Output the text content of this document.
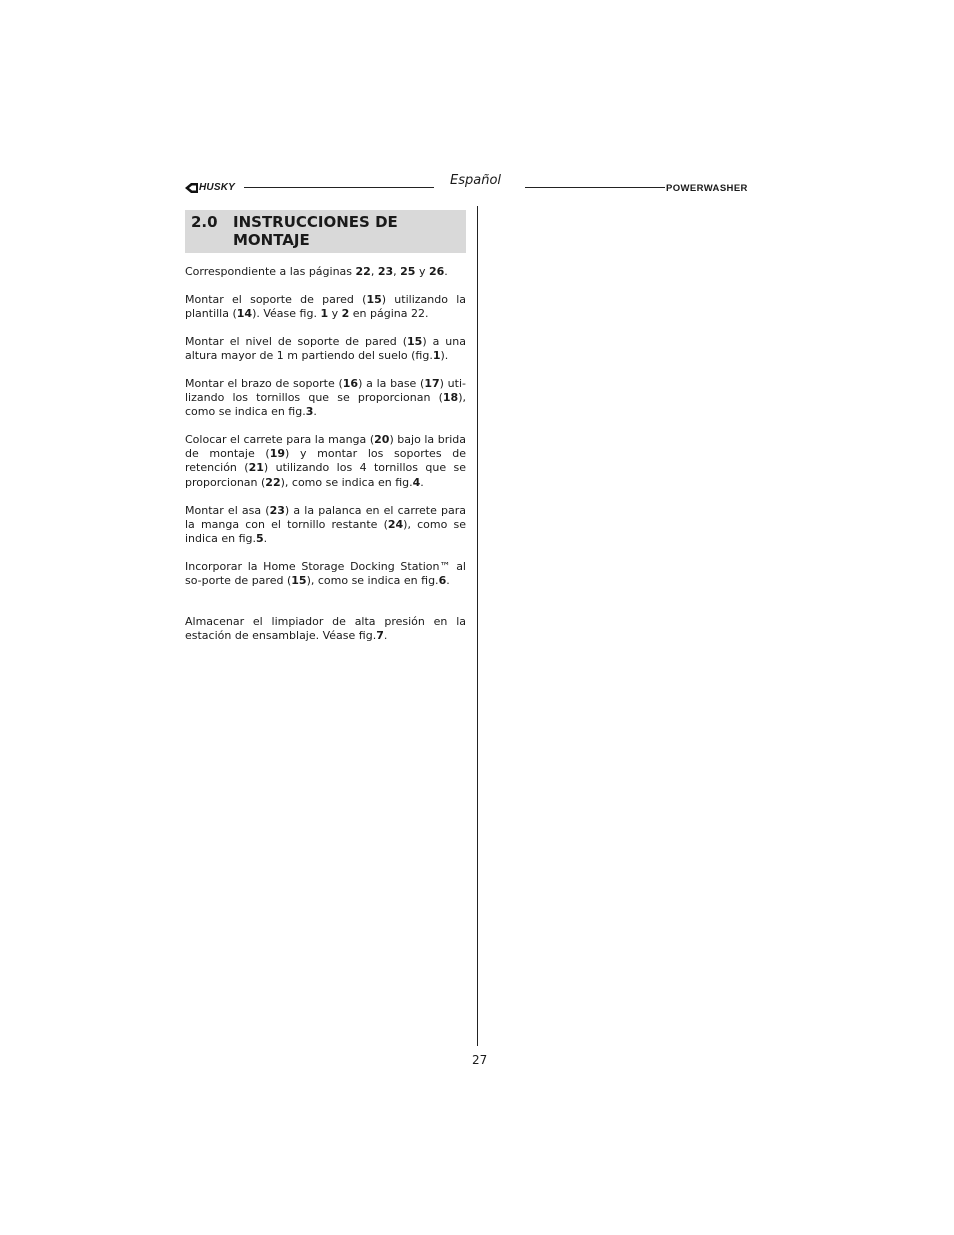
HUSKY	Español
POWERWASHER
2.0 INSTRUCCIONES DE MONTAJE
Correspondiente a las páginas 22, 23, 25 y 26.
Montar el soporte de pared (15) utilizando la plantilla (14). Véase fig. 1 y 2 en página 22.
Montar el nivel de soporte de pared (15) a una altura mayor de 1 m partiendo del suelo (fig.1).
Montar el brazo de soporte (16) a la base (17) uti-lizando los tornillos que se proporcionan (18), como se indica en fig.3.
Colocar el carrete para la manga (20) bajo la brida de montaje (19) y montar los soportes de retención (21) utilizando los 4 tornillos que se proporcionan (22), como se indica en fig.4.
Montar el asa (23) a la palanca en el carrete para la manga con el tornillo restante (24), como se indica en fig.5.
Incorporar la Home Storage Docking Station™ al so-porte de pared (15), como se indica en fig.6.
Almacenar el limpiador de alta presión en la estación de ensamblaje. Véase fig.7.
27
